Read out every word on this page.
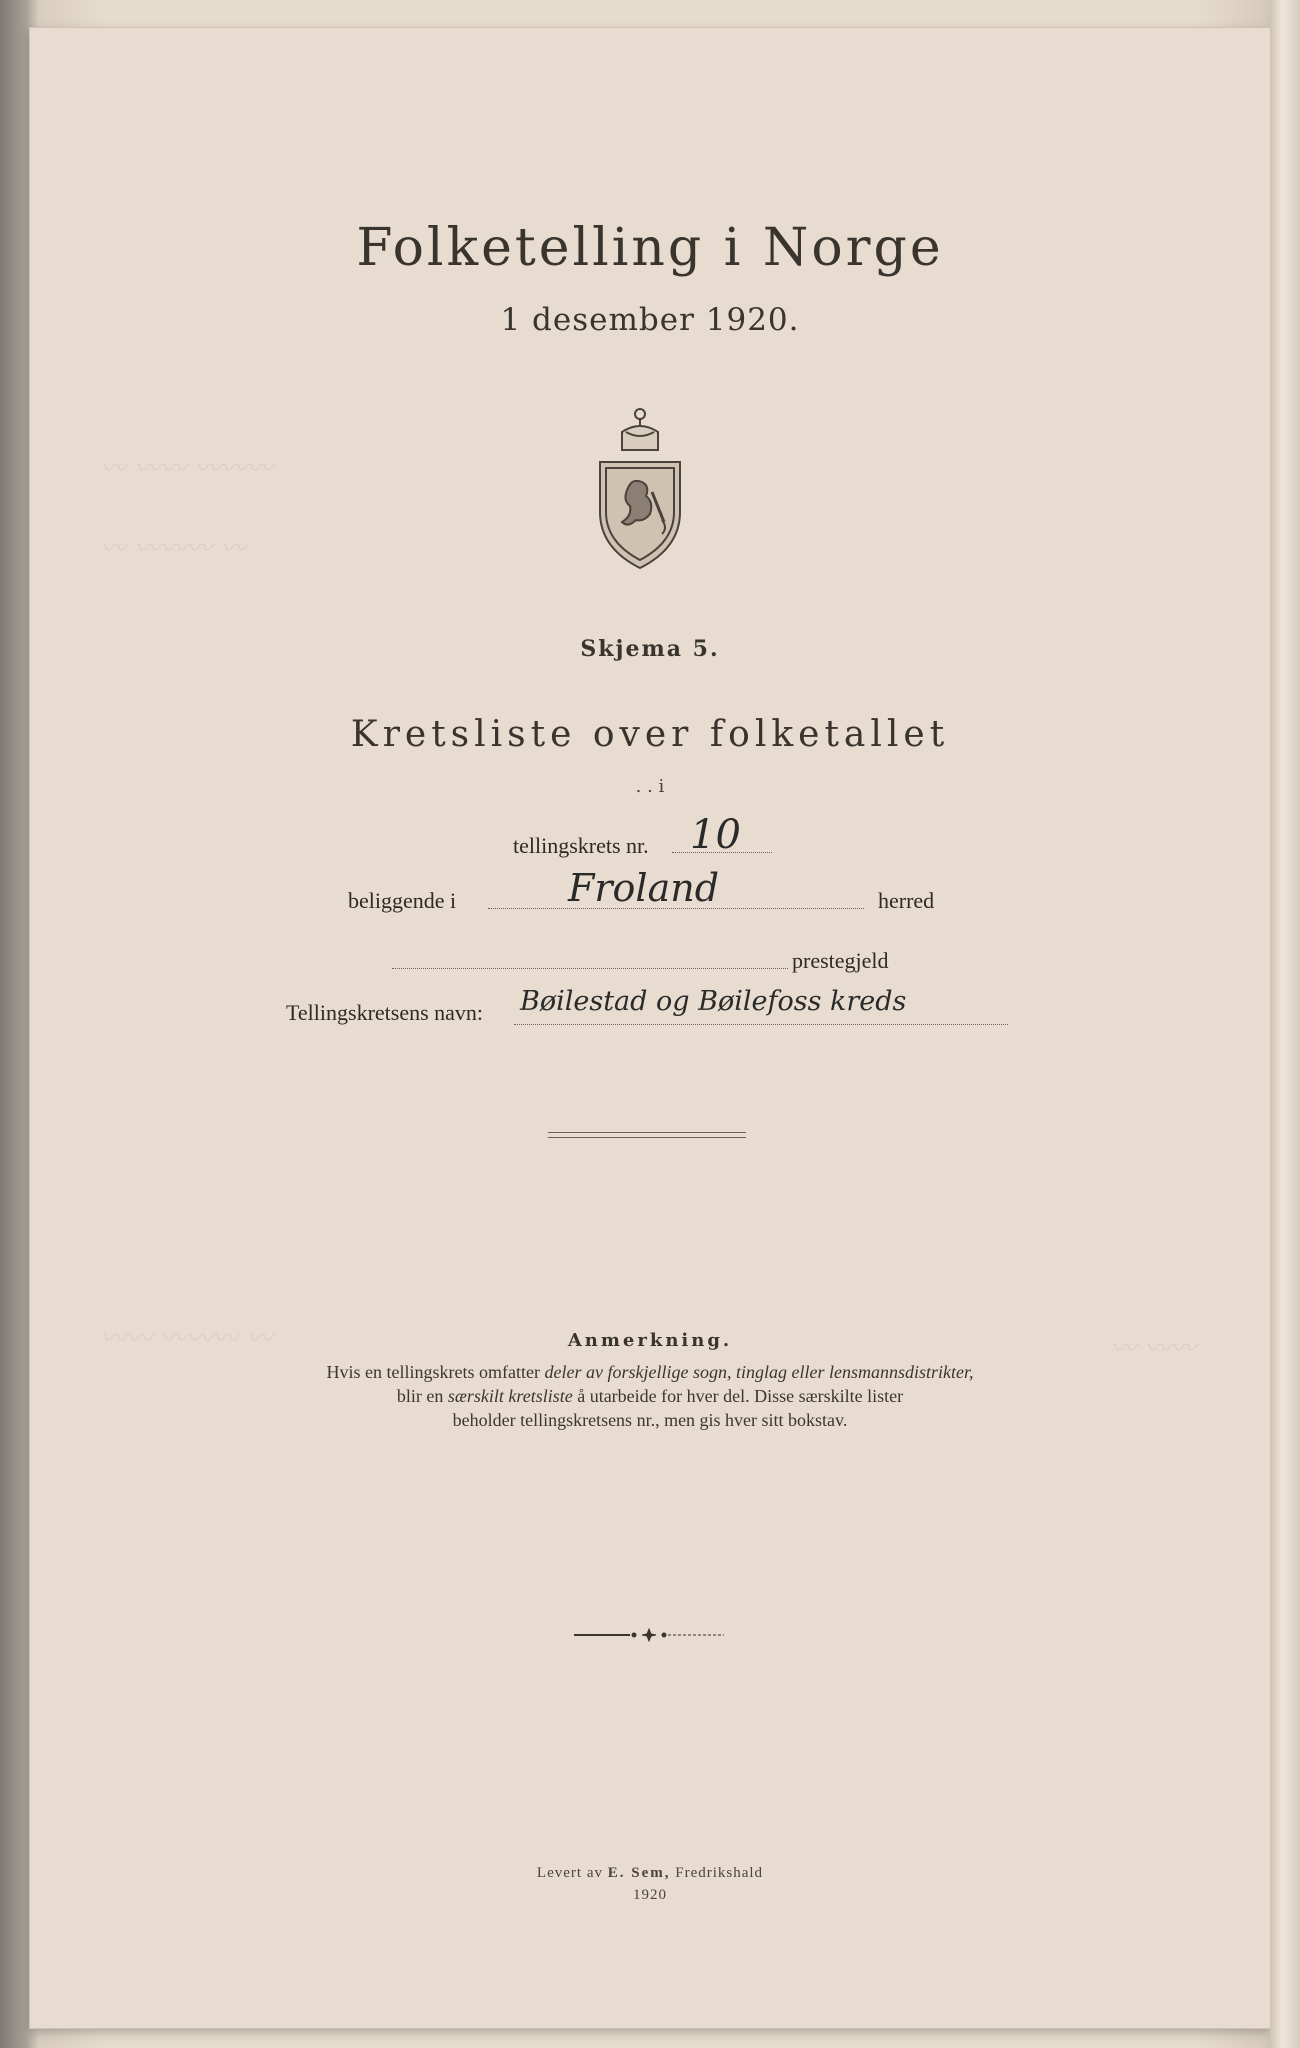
〰 〰〰 〰〰〰
〰 〰〰〰 〰
〰〰 〰〰〰 〰	〰 〰〰
Folketelling i Norge
1 desember 1920.
Skjema 5.
Kretsliste over folketallet
. . i
tellingskrets nr. 10
beliggende i	Froland	herred
prestegjeld
Tellingskretsens navn: Bøilestad og Bøilefoss kreds
Anmerkning.
Hvis en tellingskrets omfatter deler av forskjellige sogn, tinglag eller lensmannsdistrikter,
blir en særskilt kretsliste å utarbeide for hver del. Disse særskilte lister
beholder tellingskretsens nr., men gis hver sitt bokstav.
Levert av E. Sem, Fredrikshald
1920
